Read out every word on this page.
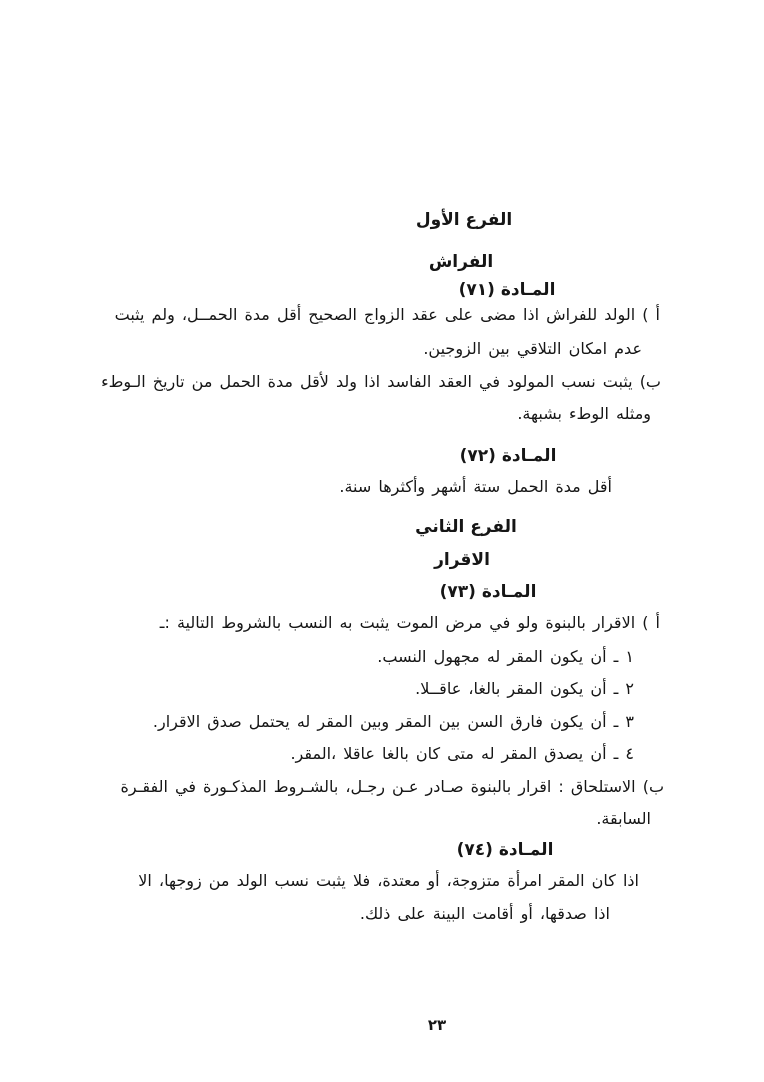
الفرع الأول
الفراش
المـادة (٧١)
أ ) الولد للفراش اذا مضى على عقد الزواج الصحيح أقل مدة الحمــل، ولم يثبت
عدم امكان التلاقي بين الزوجين.
ب) يثبت نسب المولود في العقد الفاسد اذا ولد لأقل مدة الحمل من تاريخ الـوطء
ومثله الوطء بشبهة.
المـادة (٧٢)
أقل مدة الحمل ستة أشهر وأكثرها سنة.
الفرع الثاني
الاقرار
المـادة (٧٣)
أ ) الاقرار بالبنوة ولو في مرض الموت يثبت به النسب بالشروط التالية :ـ
١ ـ أن يكون المقر له مجهول النسب.
٢ ـ أن يكون المقر بالغا، عاقــلا.
٣ ـ أن يكون فارق السن بين المقر وبين المقر له يحتمل صدق الاقرار.
٤ ـ أن يصدق المقر له متى كان بالغا عاقلا ،المقر.
ب) الاستلحاق : اقرار بالبنوة صـادر عـن رجـل، بالشـروط المذكـورة في الفقـرة
السابقة.
المـادة (٧٤)
اذا كان المقر امرأة متزوجة، أو معتدة، فلا يثبت نسب الولد من زوجها، الا
اذا صدقها، أو أقامت البينة على ذلك.
٢٣
